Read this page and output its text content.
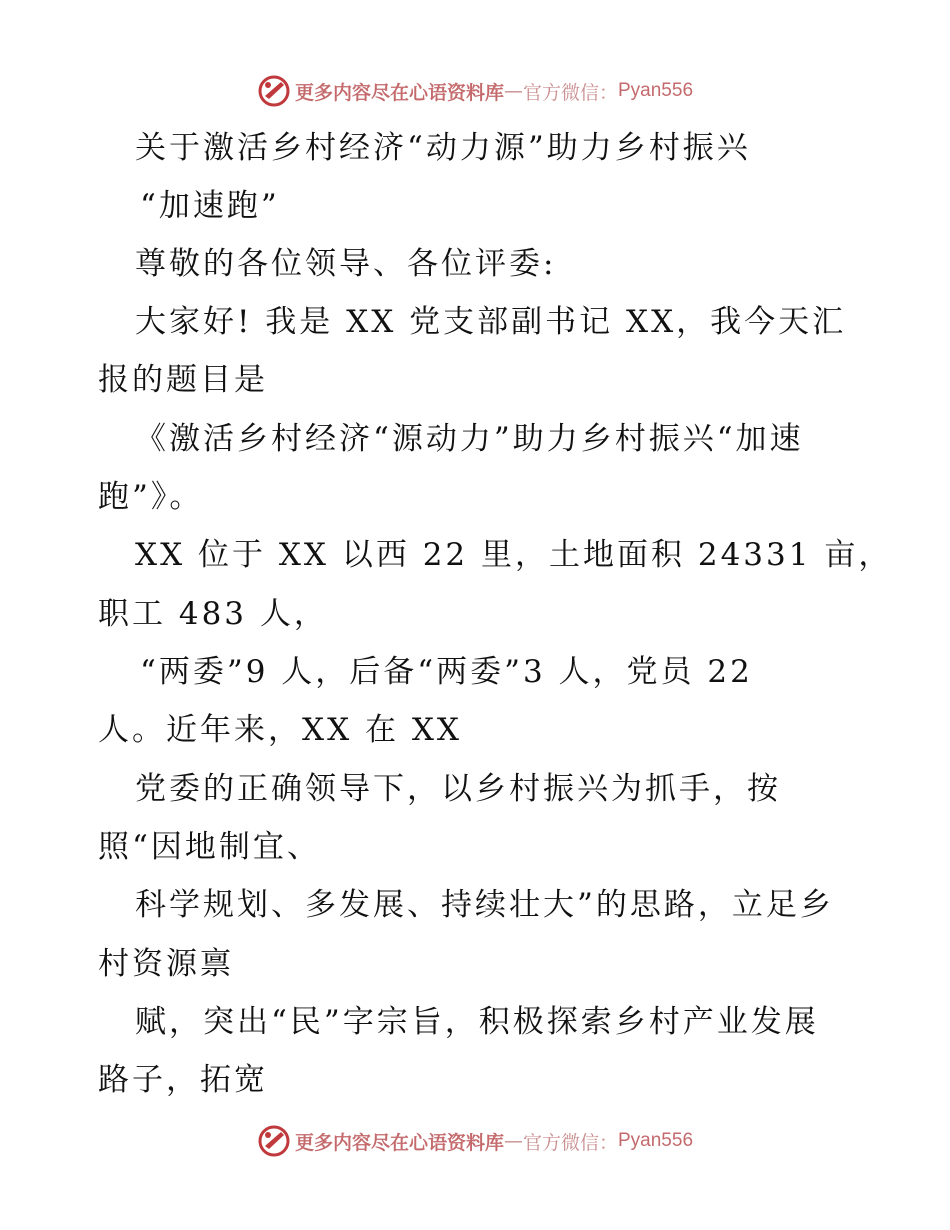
更多内容尽在心语资料库 — 官方微信： Pyan556
关于激活乡村经济“动力源”助力乡村振兴
“加速跑”
尊敬的各位领导、各位评委:
大家好! 我是 XX 党支部副书记 XX，我今天汇
报的题目是
《激活乡村经济“源动力”助力乡村振兴“加速
跑”》。
XX 位于 XX 以西 22 里，土地面积 24331 亩，
职工 483 人，
“两委”9 人，后备“两委”3 人，党员 22
人。近年来，XX 在 XX
党委的正确领导下，以乡村振兴为抓手，按
照“因地制宜、
科学规划、多发展、持续壮大”的思路，立足乡
村资源禀
赋，突出“民”字宗旨，积极探索乡村产业发展
路子，拓宽
更多内容尽在心语资料库 — 官方微信： Pyan556
